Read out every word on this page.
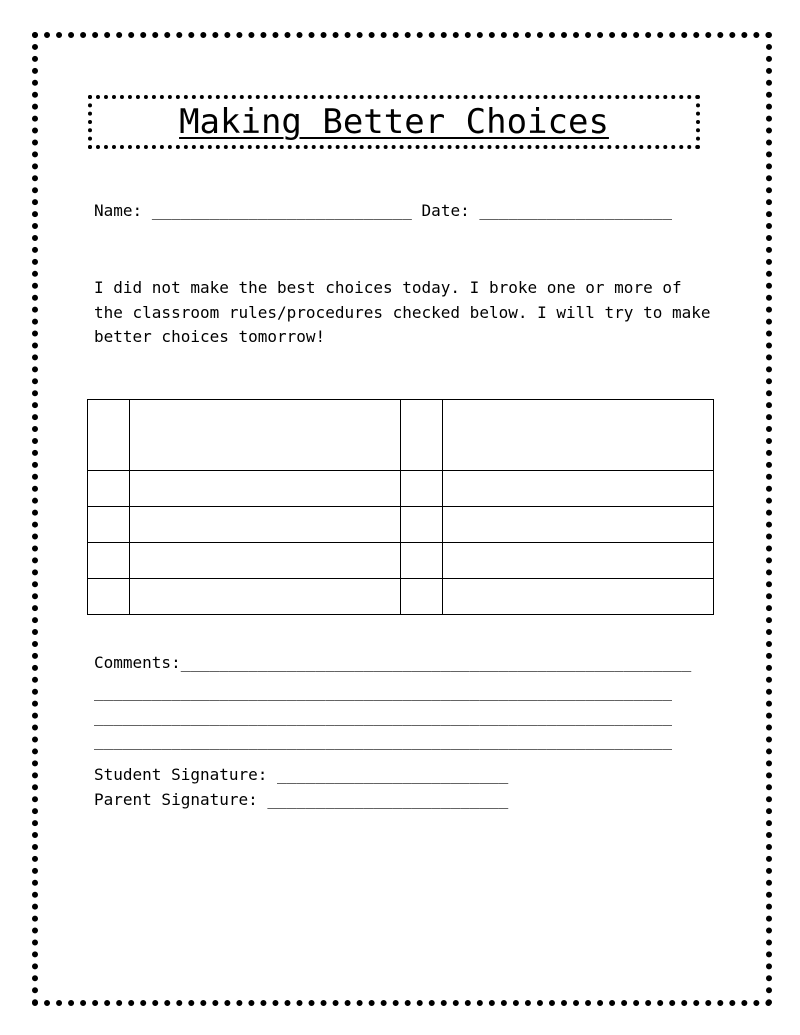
Making Better Choices
Name: ___________________________ Date: ____________________
I did not make the best choices today. I broke one or more of the classroom rules/procedures checked below. I will try to make better choices tomorrow!

Comments:_____________________________________________________
____________________________________________________________
____________________________________________________________
____________________________________________________________
Student Signature: ________________________
Parent Signature: _________________________
